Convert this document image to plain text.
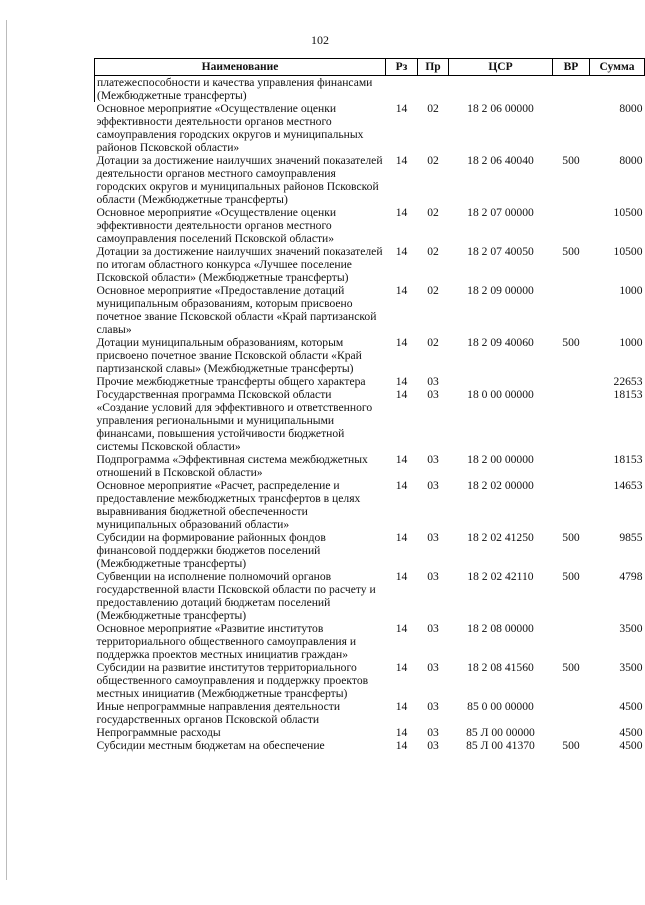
102
Наименование	Рз	Пр	ЦСР	ВР	Сумма
платежеспособности и качества управления финансами (Межбюджетные трансферты)					
Основное мероприятие «Осуществление оценки эффективности деятельности органов местного самоуправления городских округов и муниципальных районов Псковской области»	14	02	18 2 06 00000		8000
Дотации за достижение наилучших значений показателей деятельности органов местного самоуправления городских округов и муниципальных районов Псковской области (Межбюджетные трансферты)	14	02	18 2 06 40040	500	8000
Основное мероприятие «Осуществление оценки эффективности деятельности органов местного самоуправления поселений Псковской области»	14	02	18 2 07 00000		10500
Дотации за достижение наилучших значений показателей по итогам областного конкурса «Лучшее поселение Псковской области» (Межбюджетные трансферты)	14	02	18 2 07 40050	500	10500
Основное мероприятие «Предоставление дотаций муниципальным образованиям, которым присвоено почетное звание Псковской области «Край партизанской славы»	14	02	18 2 09 00000		1000
Дотации муниципальным образованиям, которым присвоено почетное звание Псковской области «Край партизанской славы» (Межбюджетные трансферты)	14	02	18 2 09 40060	500	1000
Прочие межбюджетные трансферты общего характера	14	03			22653
Государственная программа Псковской области «Создание условий для эффективного и ответственного управления региональными и муниципальными финансами, повышения устойчивости бюджетной системы Псковской области»	14	03	18 0 00 00000		18153
Подпрограмма «Эффективная система межбюджетных отношений в Псковской области»	14	03	18 2 00 00000		18153
Основное мероприятие «Расчет, распределение и предоставление межбюджетных трансфертов в целях выравнивания бюджетной обеспеченности муниципальных образований области»	14	03	18 2 02 00000		14653
Субсидии на формирование районных фондов финансовой поддержки бюджетов поселений (Межбюджетные трансферты)	14	03	18 2 02 41250	500	9855
Субвенции на исполнение полномочий органов государственной власти Псковской области по расчету и предоставлению дотаций бюджетам поселений (Межбюджетные трансферты)	14	03	18 2 02 42110	500	4798
Основное мероприятие «Развитие институтов территориального общественного самоуправления и поддержка проектов местных инициатив граждан»	14	03	18 2 08 00000		3500
Субсидии на развитие институтов территориального общественного самоуправления и поддержку проектов местных инициатив (Межбюджетные трансферты)	14	03	18 2 08 41560	500	3500
Иные непрограммные направления деятельности государственных органов Псковской области	14	03	85 0 00 00000		4500
Непрограммные расходы	14	03	85 Л 00 00000		4500
Субсидии местным бюджетам на обеспечение	14	03	85 Л 00 41370	500	4500
